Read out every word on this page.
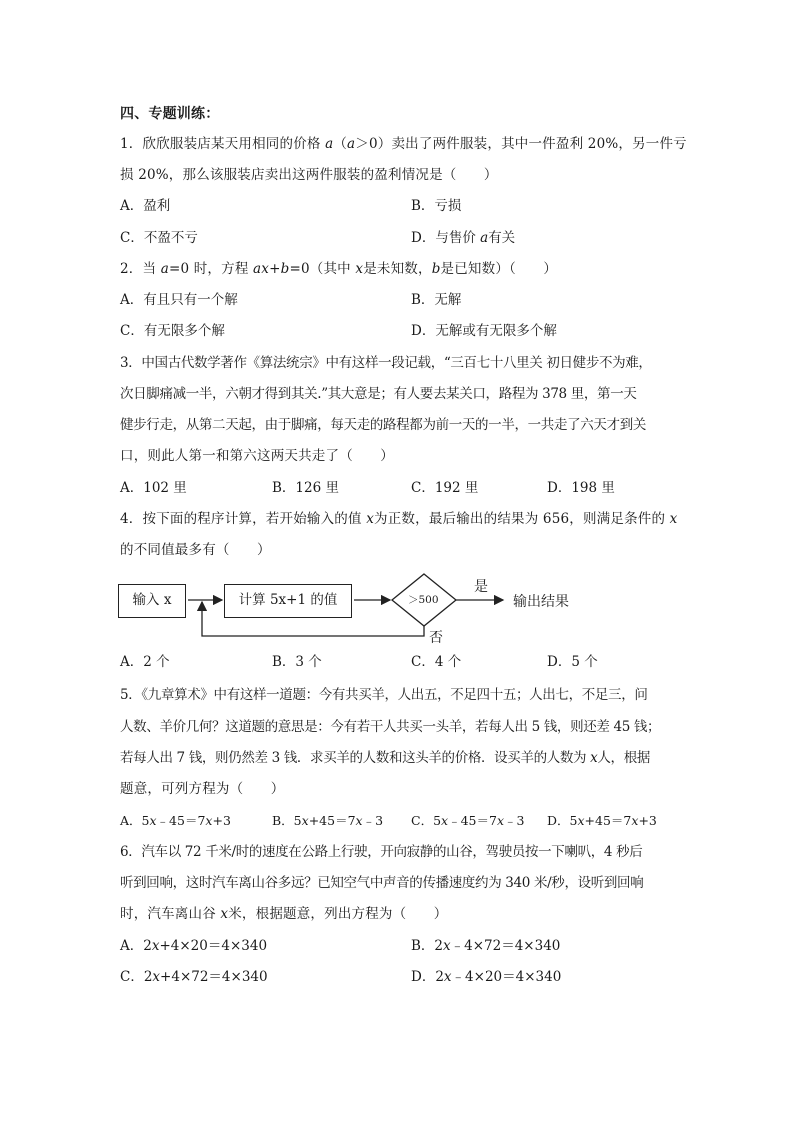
四、专题训练：
1．欣欣服装店某天用相同的价格 a（a＞0）卖出了两件服装，其中一件盈利 20%，另一件亏
损 20%，那么该服装店卖出这两件服装的盈利情况是（　　）
A．盈利	B．亏损
C．不盈不亏	D．与售价 a有关
2．当 a=0 时，方程 ax+b=0（其中 x是未知数，b是已知数）（　　）
A．有且只有一个解	B．无解
C．有无限多个解	D．无解或有无限多个解
3．中国古代数学著作《算法统宗》中有这样一段记载，“三百七十八里关 初日健步不为难，
次日脚痛减一半，六朝才得到其关.”其大意是；有人要去某关口，路程为 378 里，第一天
健步行走，从第二天起，由于脚痛，每天走的路程都为前一天的一半，一共走了六天才到关
口，则此人第一和第六这两天共走了（　　）
A．102 里	B．126 里	C．192 里	D．198 里
4．按下面的程序计算，若开始输入的值 x为正数，最后输出的结果为 656，则满足条件的 x
的不同值最多有（　　）
输入 x	计算 5x+1 的值	＞500
是
输出结果
否
A．2 个	B．3 个	C．4 个	D．5 个
5．《九章算术》中有这样一道题：今有共买羊，人出五，不足四十五；人出七，不足三，问
人数、羊价几何？这道题的意思是：今有若干人共买一头羊，若每人出 5 钱，则还差 45 钱；
若每人出 7 钱，则仍然差 3 钱．求买羊的人数和这头羊的价格．设买羊的人数为 x人，根据
题意，可列方程为（　　）
A．5x﹣45＝7x+3	B．5x+45＝7x﹣3 C．5x﹣45＝7x﹣3 D．5x+45＝7x+3
6．汽车以 72 千米/时的速度在公路上行驶，开向寂静的山谷，驾驶员按一下喇叭，4 秒后
听到回响，这时汽车离山谷多远？已知空气中声音的传播速度约为 340 米/秒，设听到回响
时，汽车离山谷 x米，根据题意，列出方程为（　　）
A．2x+4×20＝4×340	B．2x﹣4×72＝4×340
C．2x+4×72＝4×340	D．2x﹣4×20＝4×340
